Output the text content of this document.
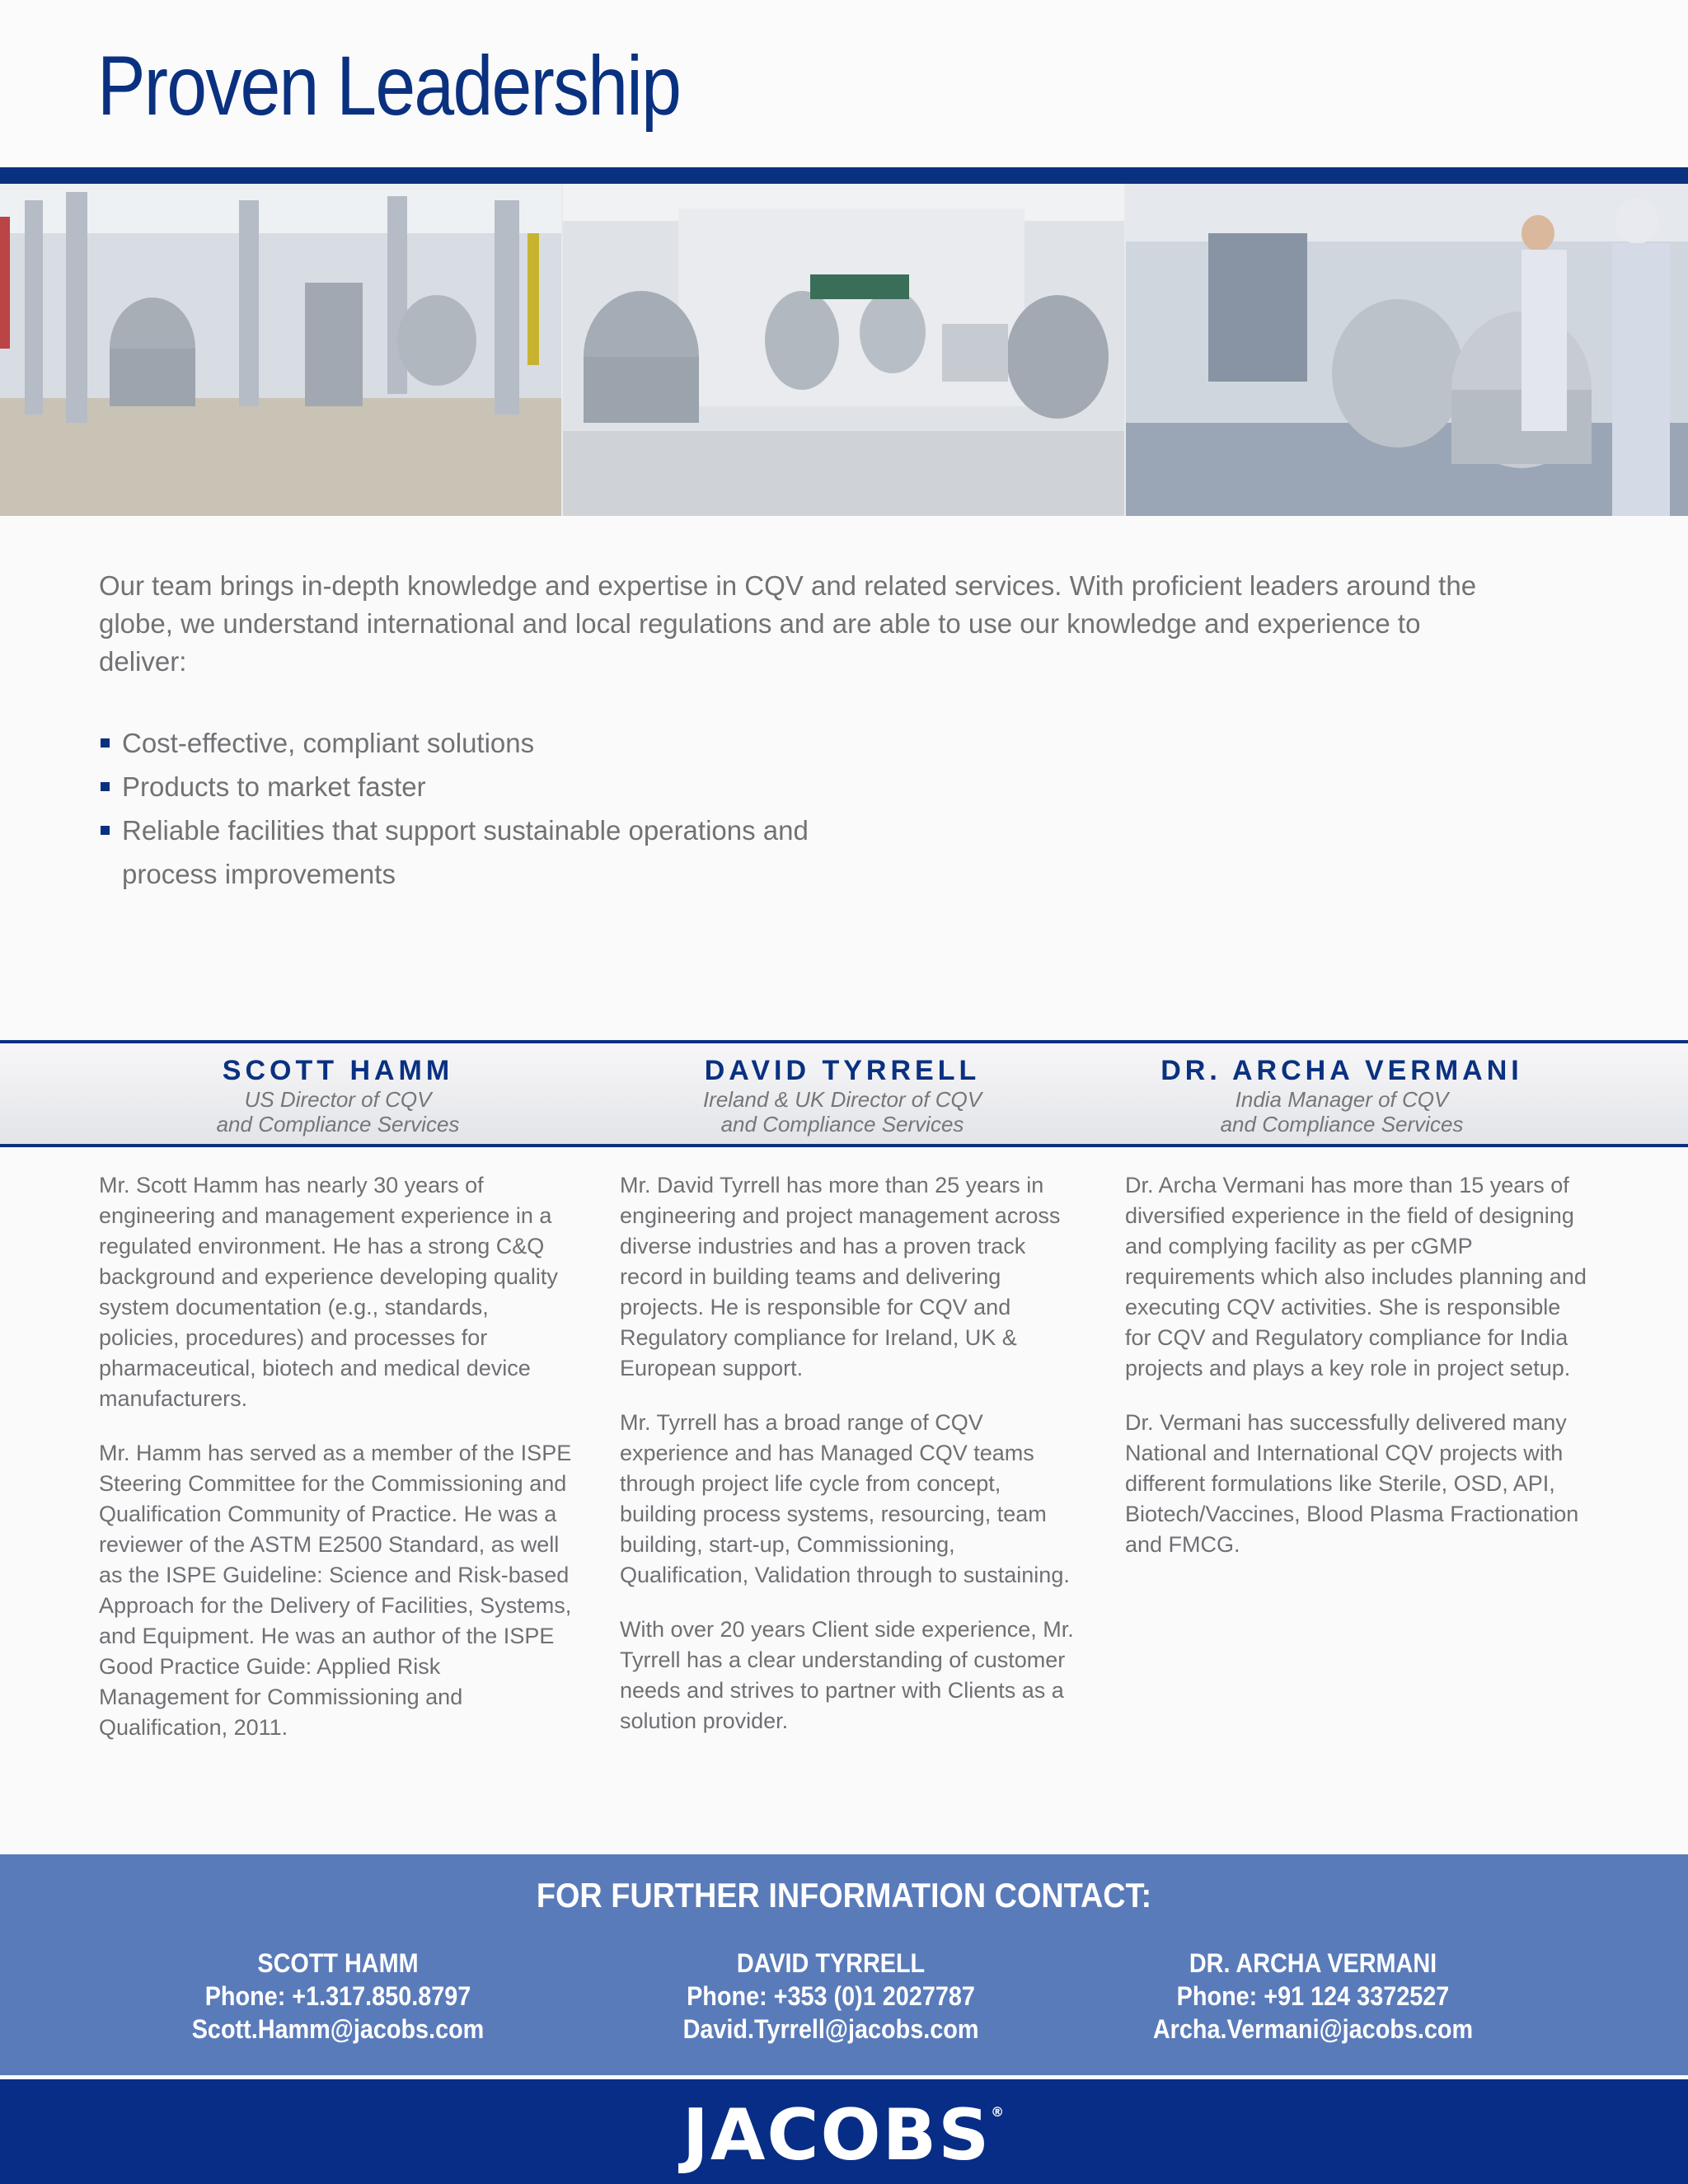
Proven Leadership

Our team brings in-depth knowledge and expertise in CQV and related services. With proficient leaders around the globe, we understand international and local regulations and are able to use our knowledge and experience to deliver:

Cost-effective, compliant solutions
Products to market faster
Reliable facilities that support sustainable operations and process improvements
SCOTT HAMM
US Director of CQV
and Compliance Services
DAVID TYRRELL
Ireland & UK Director of CQV
and Compliance Services
DR. ARCHA VERMANI
India Manager of CQV
and Compliance Services

Mr. Scott Hamm has nearly 30 years of engineering and management experience in a regulated environment. He has a strong C&Q background and experience developing quality system documentation (e.g., standards, policies, procedures) and processes for pharmaceutical, biotech and medical device manufacturers.

Mr. Hamm has served as a member of the ISPE Steering Committee for the Commissioning and Qualification Community of Practice. He was a reviewer of the ASTM E2500 Standard, as well as the ISPE Guideline: Science and Risk-based Approach for the Delivery of Facilities, Systems, and Equipment. He was an author of the ISPE Good Practice Guide: Applied Risk Management for Commissioning and Qualification, 2011.

Mr. David Tyrrell has more than 25 years in engineering and project management across diverse industries and has a proven track record in building teams and delivering projects. He is responsible for CQV and Regulatory compliance for Ireland, UK & European support.

Mr. Tyrrell has a broad range of CQV experience and has Managed CQV teams through project life cycle from concept, building process systems, resourcing, team building, start-up, Commissioning, Qualification, Validation through to sustaining.

With over 20 years Client side experience, Mr. Tyrrell has a clear understanding of customer needs and strives to partner with Clients as a solution provider.

Dr. Archa Vermani has more than 15 years of diversified experience in the field of designing and complying facility as per cGMP requirements which also includes planning and executing CQV activities. She is responsible for CQV and Regulatory compliance for India projects and plays a key role in project setup.

Dr. Vermani has successfully delivered many National and International CQV projects with different formulations like Sterile, OSD, API, Biotech/Vaccines, Blood Plasma Fractionation and FMCG.

FOR FURTHER INFORMATION CONTACT:
SCOTT HAMM
Phone: +1.317.850.8797
Scott.Hamm@jacobs.com
DAVID TYRRELL
Phone: +353 (0)1 2027787
David.Tyrrell@jacobs.com
DR. ARCHA VERMANI
Phone: +91 124 3372527
Archa.Vermani@jacobs.com
JACOBS®
